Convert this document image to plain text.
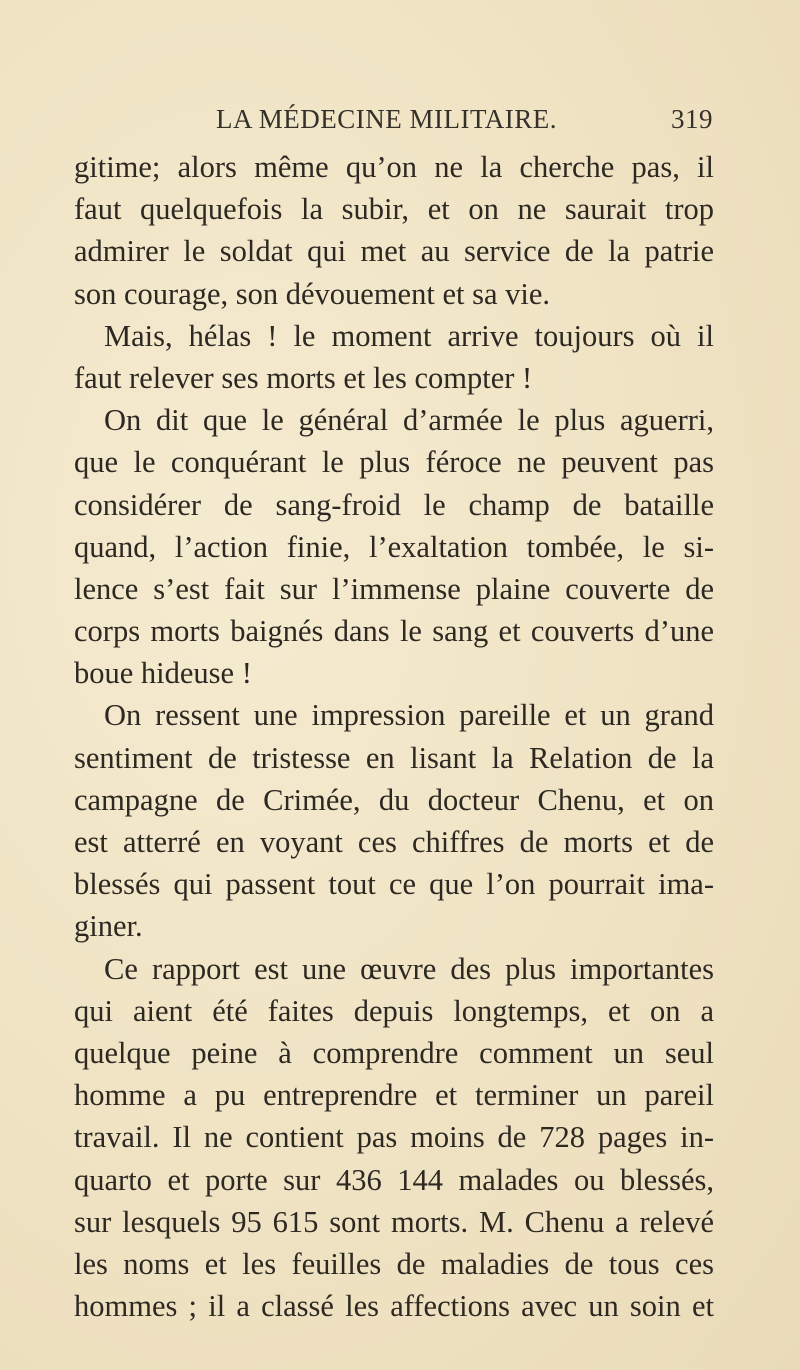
LA MÉDECINE MILITAIRE.	319
gitime; alors même qu’on ne la cherche pas, il
faut quelquefois la subir, et on ne saurait trop
admirer le soldat qui met au service de la patrie
son courage, son dévouement et sa vie.
Mais, hélas ! le moment arrive toujours où il
faut relever ses morts et les compter !
On dit que le général d’armée le plus aguerri,
que le conquérant le plus féroce ne peuvent pas
considérer de sang-froid le champ de bataille
quand, l’action finie, l’exaltation tombée, le si-
lence s’est fait sur l’immense plaine couverte de
corps morts baignés dans le sang et couverts d’une
boue hideuse !
On ressent une impression pareille et un grand
sentiment de tristesse en lisant la Relation de la
campagne de Crimée, du docteur Chenu, et on
est atterré en voyant ces chiffres de morts et de
blessés qui passent tout ce que l’on pourrait ima-
giner.
Ce rapport est une œuvre des plus importantes
qui aient été faites depuis longtemps, et on a
quelque peine à comprendre comment un seul
homme a pu entreprendre et terminer un pareil
travail. Il ne contient pas moins de 728 pages in-
quarto et porte sur 436 144 malades ou blessés,
sur lesquels 95 615 sont morts. M. Chenu a relevé
les noms et les feuilles de maladies de tous ces
hommes ; il a classé les affections avec un soin et
